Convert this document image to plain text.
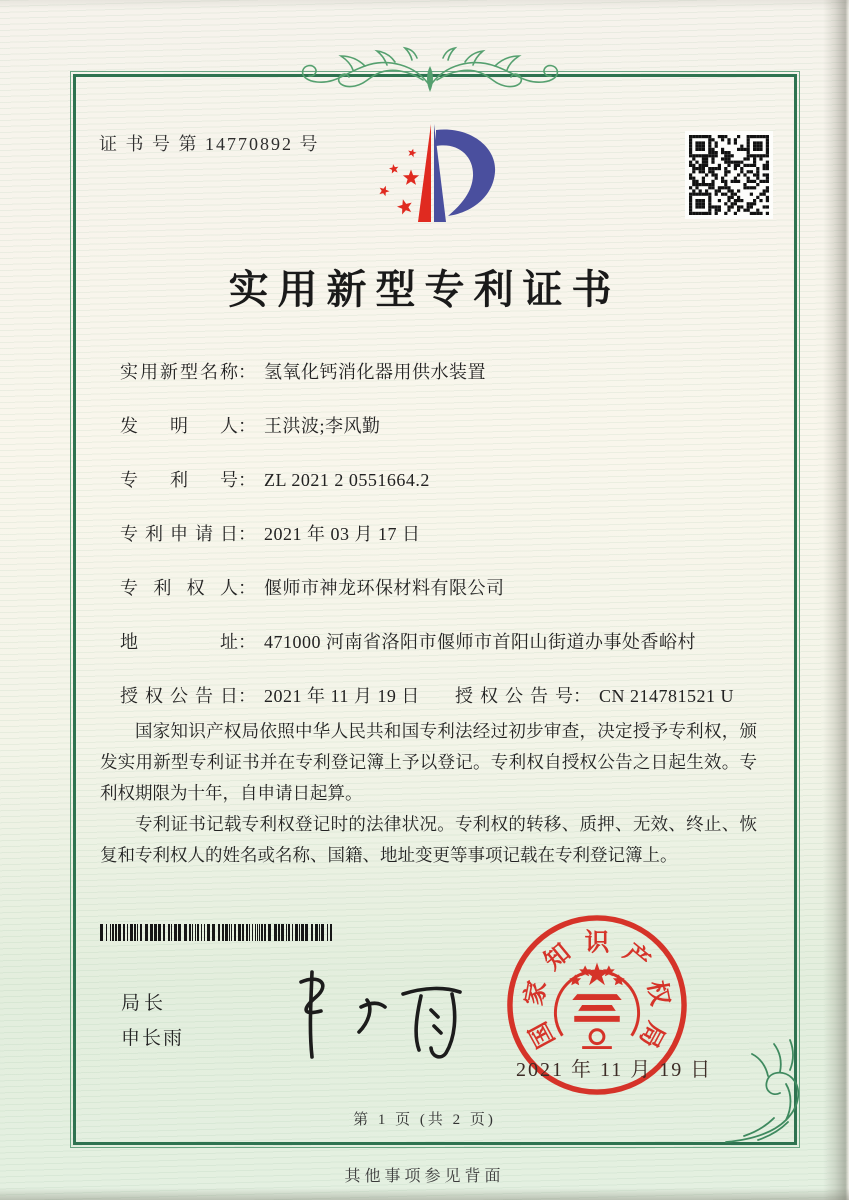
证 书 号 第 14770892 号
实用新型专利证书
实用新型名称： 氢氧化钙消化器用供水装置
发明人： 王洪波;李风勤
专利号： ZL 2021 2 0551664.2
专利申请日： 2021 年 03 月 17 日
专利权人： 偃师市神龙环保材料有限公司
地址： 471000 河南省洛阳市偃师市首阳山街道办事处香峪村
授权公告日： 2021 年 11 月 19 日 授权公告号： CN 214781521 U

国家知识产权局依照中华人民共和国专利法经过初步审查，决定授予专利权，颁发实用新型专利证书并在专利登记簿上予以登记。专利权自授权公告之日起生效。专利权期限为十年，自申请日起算。

专利证书记载专利权登记时的法律状况。专利权的转移、质押、无效、终止、恢复和专利权人的姓名或名称、国籍、地址变更等事项记载在专利登记簿上。

局长
申长雨	国
家
知 识 产
权
局
2021 年 11 月 19 日
第 1 页 (共 2 页)
其他事项参见背面
